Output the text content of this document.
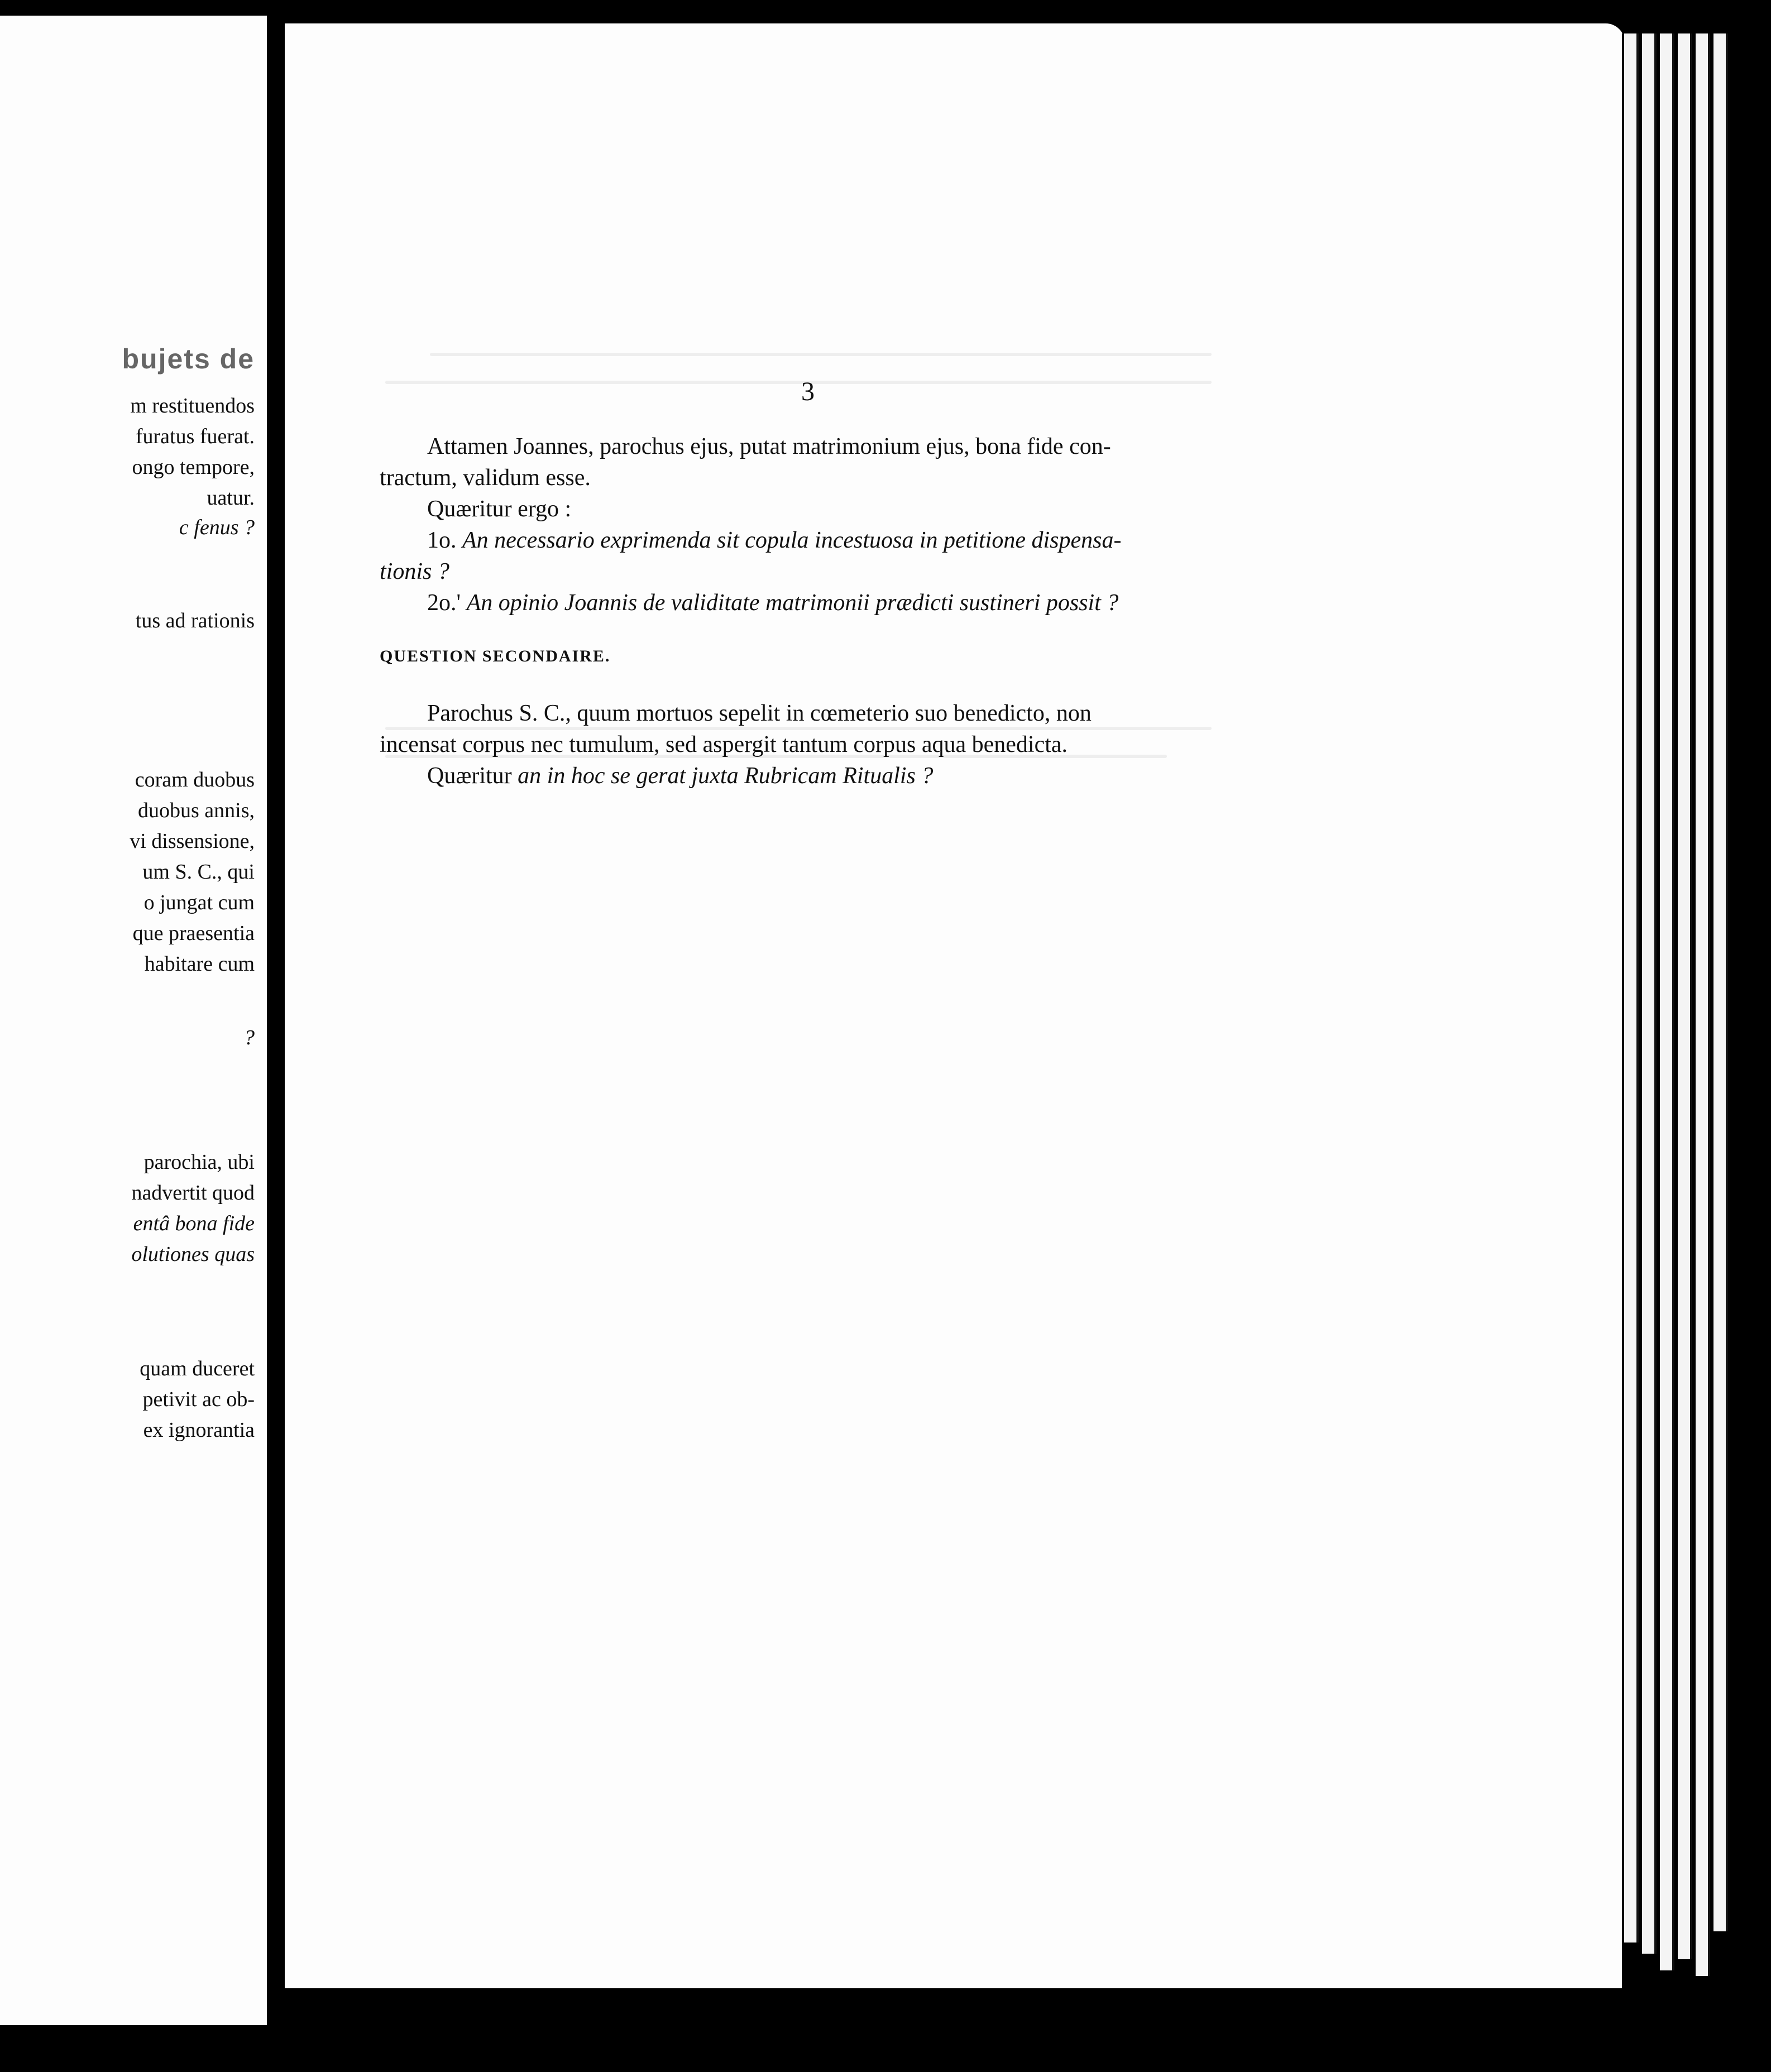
bujets de
m restituendos
furatus fuerat.
ongo tempore,
uatur.
c fenus ?
tus ad rationis
coram duobus
duobus annis,
vi dissensione,
um S. C., qui
o jungat cum
que praesentia
habitare cum
?
parochia, ubi
nadvertit quod
entâ bona fide
olutiones quas
quam duceret
petivit ac ob-
ex ignorantia
3

Attamen Joannes, parochus ejus, putat matrimonium ejus, bona fide con-

tractum, validum esse.

Quæritur ergo :

1o. An necessario exprimenda sit copula incestuosa in petitione dispensa-

tionis ?

2o.' An opinio Joannis de validitate matrimonii prædicti sustineri possit ?

QUESTION SECONDAIRE.

Parochus S. C., quum mortuos sepelit in cœmeterio suo benedicto, non

incensat corpus nec tumulum, sed aspergit tantum corpus aqua benedicta.

Quæritur an in hoc se gerat juxta Rubricam Ritualis ?
